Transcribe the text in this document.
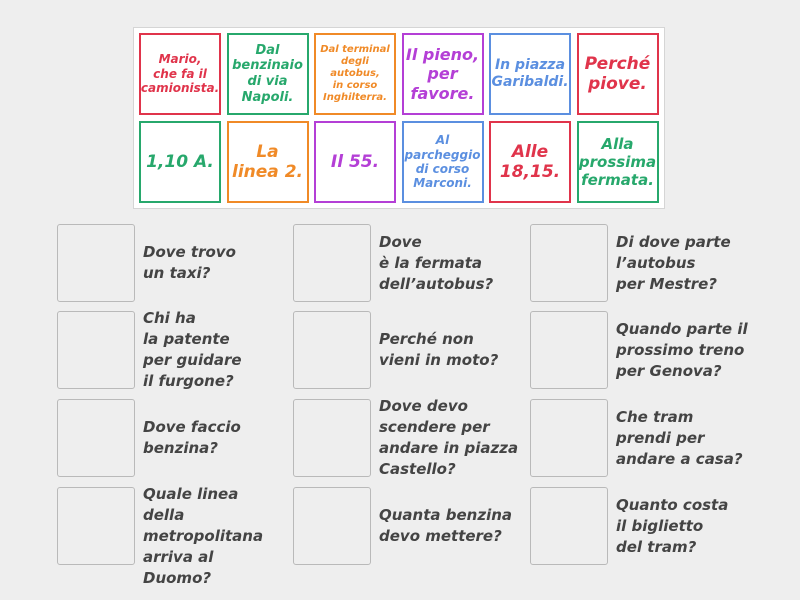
Mario,
che fa il
camionista.
Dal
benzinaio
di via
Napoli.
Dal terminal
degli
autobus,
in corso
Inghilterra.
Il pieno,
per
favore.
In piazza
Garibaldi.
Perché
piove.
1,10 A.
La
linea 2.
Il 55.
Al
parcheggio
di corso
Marconi.
Alle
18,15.
Alla
prossima
fermata.
Dove trovo
un taxi?
Dove
è la fermata
dell’autobus?
Di dove parte
l’autobus
per Mestre?
Chi ha
la patente
per guidare
il furgone?
Perché non
vieni in moto?
Quando parte il
prossimo treno
per Genova?
Dove faccio
benzina?
Dove devo
scendere per
andare in piazza
Castello?
Che tram
prendi per
andare a casa?
Quale linea della
metropolitana
arriva al
Duomo?
Quanta benzina
devo mettere?
Quanto costa
il biglietto
del tram?
